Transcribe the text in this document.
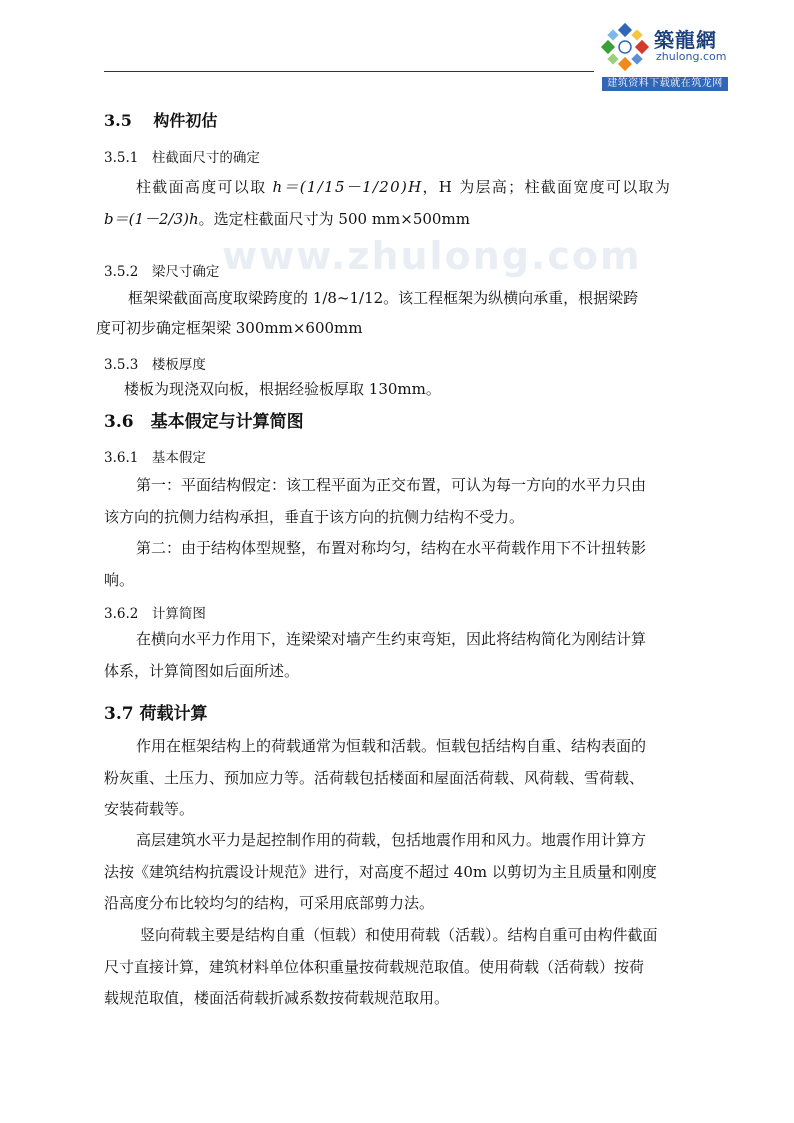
築龍網
zhulong.com
建筑资料下载就在筑龙网
www.zhulong.com
3.5　 构件初估
3.5.1　柱截面尺寸的确定
柱截面高度可以取 h＝(1/15－1/20)H，H 为层高；柱截面宽度可以取为
b＝(1－2/3)h。选定柱截面尺寸为 500 mm×500mm
3.5.2　梁尺寸确定
框架梁截面高度取梁跨度的 1/8~1/12。该工程框架为纵横向承重，根据梁跨
度可初步确定框架梁 300mm×600mm
3.5.3　楼板厚度
楼板为现浇双向板，根据经验板厚取 130mm。
3.6　基本假定与计算简图
3.6.1　基本假定
第一：平面结构假定：该工程平面为正交布置，可认为每一方向的水平力只由
该方向的抗侧力结构承担，垂直于该方向的抗侧力结构不受力。
第二：由于结构体型规整，布置对称均匀，结构在水平荷载作用下不计扭转影
响。
3.6.2　计算简图
在横向水平力作用下，连梁梁对墙产生约束弯矩，因此将结构简化为刚结计算
体系，计算简图如后面所述。
3.7 荷载计算
作用在框架结构上的荷载通常为恒载和活载。恒载包括结构自重、结构表面的
粉灰重、土压力、预加应力等。活荷载包括楼面和屋面活荷载、风荷载、雪荷载、
安装荷载等。
高层建筑水平力是起控制作用的荷载，包括地震作用和风力。地震作用计算方
法按《建筑结构抗震设计规范》进行，对高度不超过 40m 以剪切为主且质量和刚度
沿高度分布比较均匀的结构，可采用底部剪力法。
竖向荷载主要是结构自重（恒载）和使用荷载（活载）。结构自重可由构件截面
尺寸直接计算，建筑材料单位体积重量按荷载规范取值。使用荷载（活荷载）按荷
载规范取值，楼面活荷载折减系数按荷载规范取用。
